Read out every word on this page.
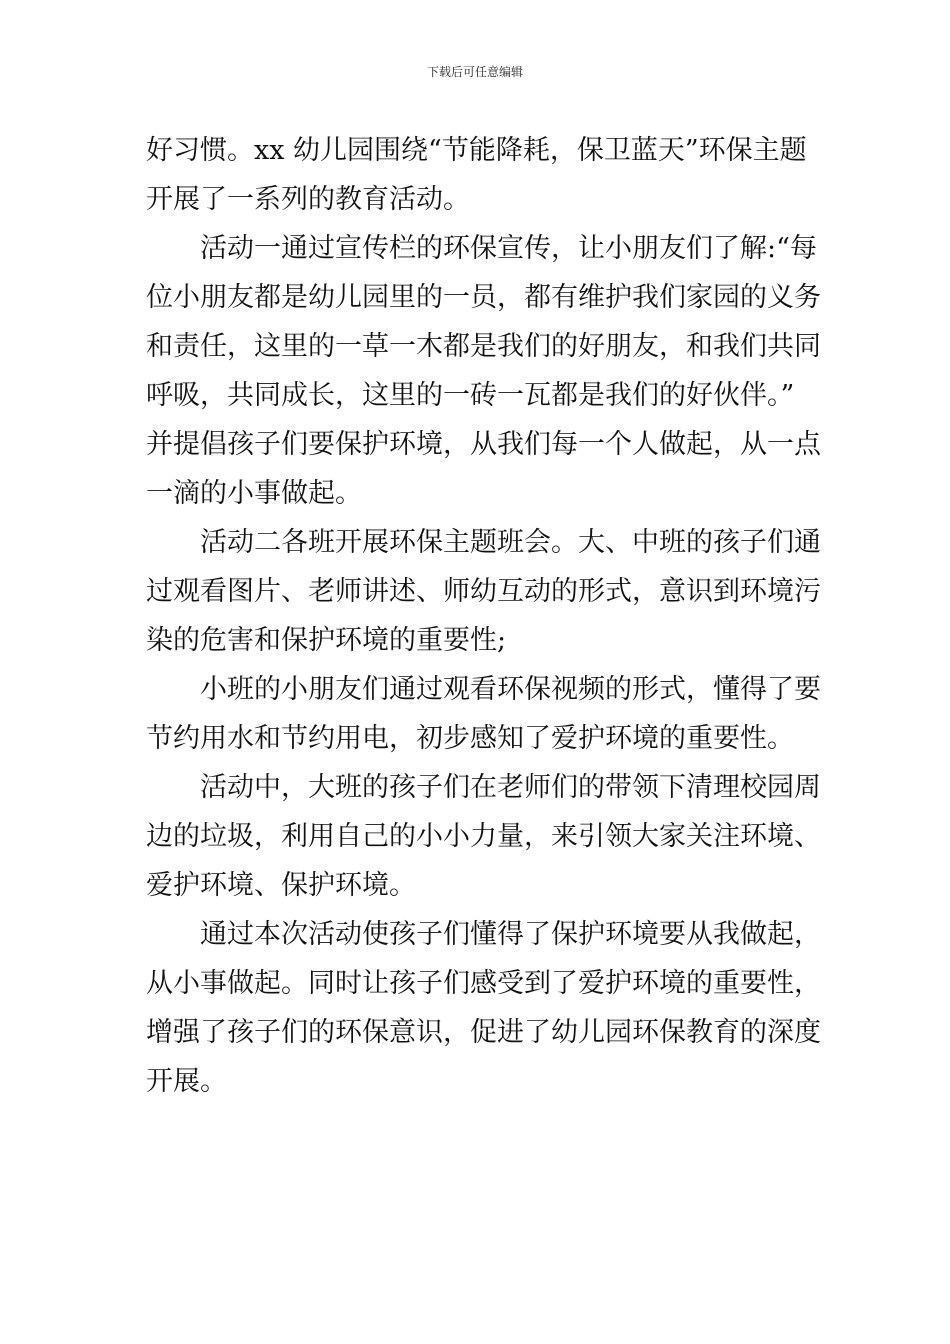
下载后可任意编辑

好习惯。xx 幼儿园围绕“节能降耗，保卫蓝天”环保主题

开展了一系列的教育活动。

　　活动一通过宣传栏的环保宣传，让小朋友们了解:“每

位小朋友都是幼儿园里的一员，都有维护我们家园的义务

和责任，这里的一草一木都是我们的好朋友，和我们共同

呼吸，共同成长，这里的一砖一瓦都是我们的好伙伴。”

并提倡孩子们要保护环境，从我们每一个人做起，从一点

一滴的小事做起。

　　活动二各班开展环保主题班会。大、中班的孩子们通

过观看图片、老师讲述、师幼互动的形式，意识到环境污

染的危害和保护环境的重要性;

　　小班的小朋友们通过观看环保视频的形式，懂得了要

节约用水和节约用电，初步感知了爱护环境的重要性。

　　活动中，大班的孩子们在老师们的带领下清理校园周

边的垃圾，利用自己的小小力量，来引领大家关注环境、

爱护环境、保护环境。

　　通过本次活动使孩子们懂得了保护环境要从我做起，

从小事做起。同时让孩子们感受到了爱护环境的重要性，

增强了孩子们的环保意识，促进了幼儿园环保教育的深度

开展。
